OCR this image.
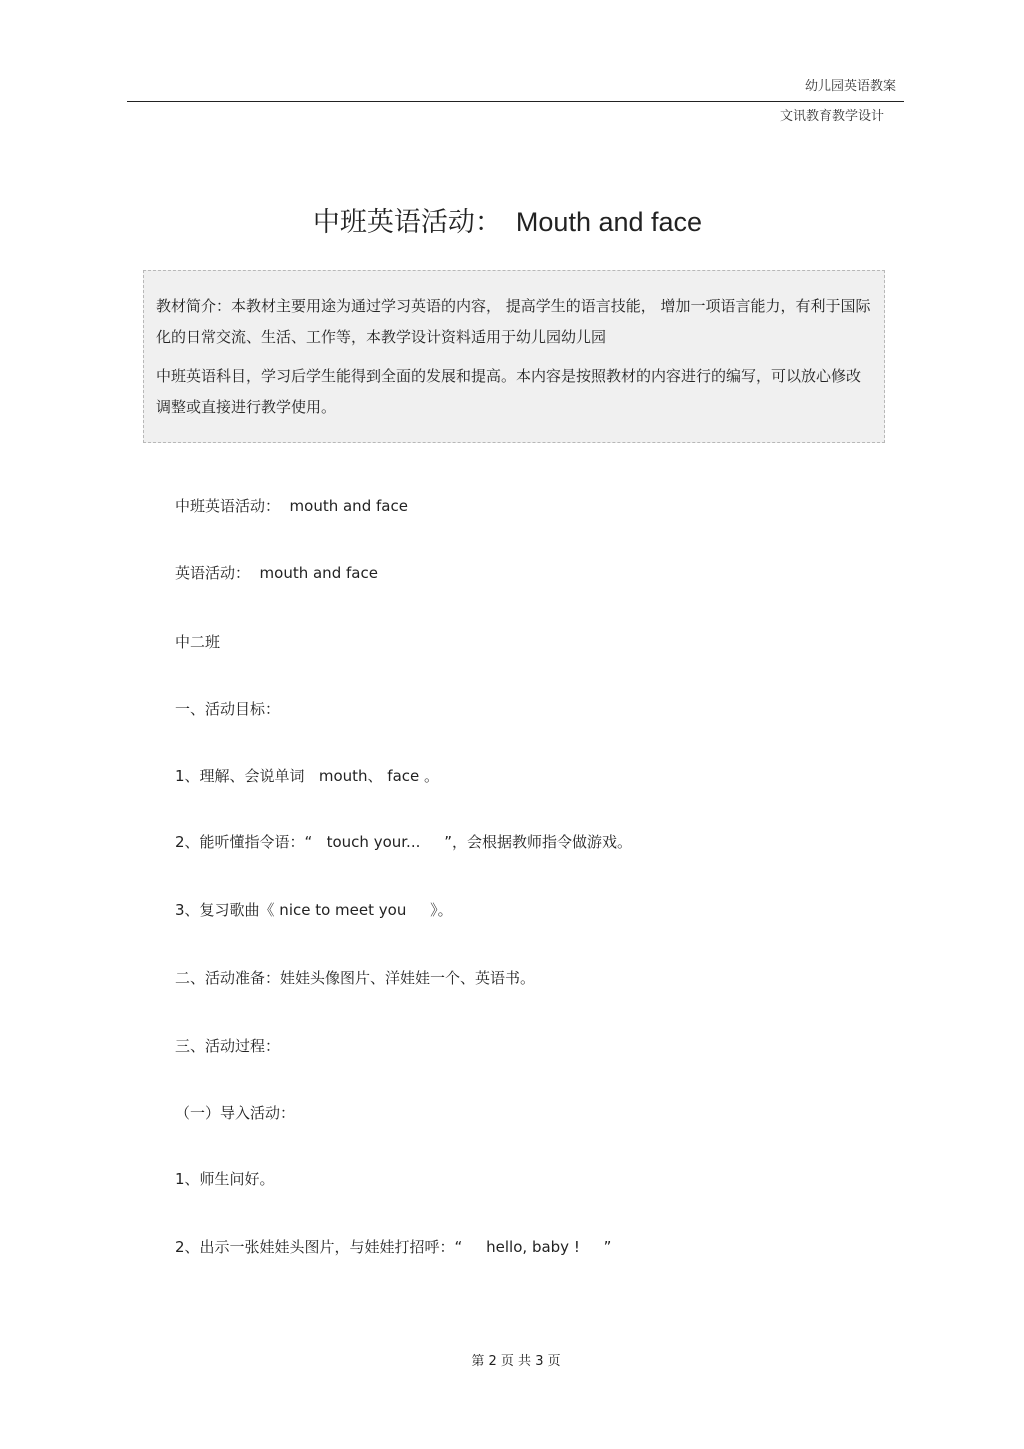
幼儿园英语教案
文讯教育教学设计
中班英语活动： Mouth and face

教材简介：本教材主要用途为通过学习英语的内容， 提高学生的语言技能， 增加一项语言能力，有利于国际化的日常交流、生活、工作等，本教学设计资料适用于幼儿园幼儿园

中班英语科目，学习后学生能得到全面的发展和提高。本内容是按照教材的内容进行的编写，可以放心修改调整或直接进行教学使用。

中班英语活动：  mouth and face
英语活动：  mouth and face
中二班
一、活动目标：
1、理解、会说单词   mouth、 face 。
2、能听懂指令语：“   touch your...     ”，会根据教师指令做游戏。
3、复习歌曲《 nice to meet you     》。
二、活动准备：娃娃头像图片、洋娃娃一个、英语书。
三、活动过程：
（一）导入活动：
1、师生问好。
2、出示一张娃娃头图片，与娃娃打招呼：“     hello, baby !     ”
第 2 页 共 3 页
